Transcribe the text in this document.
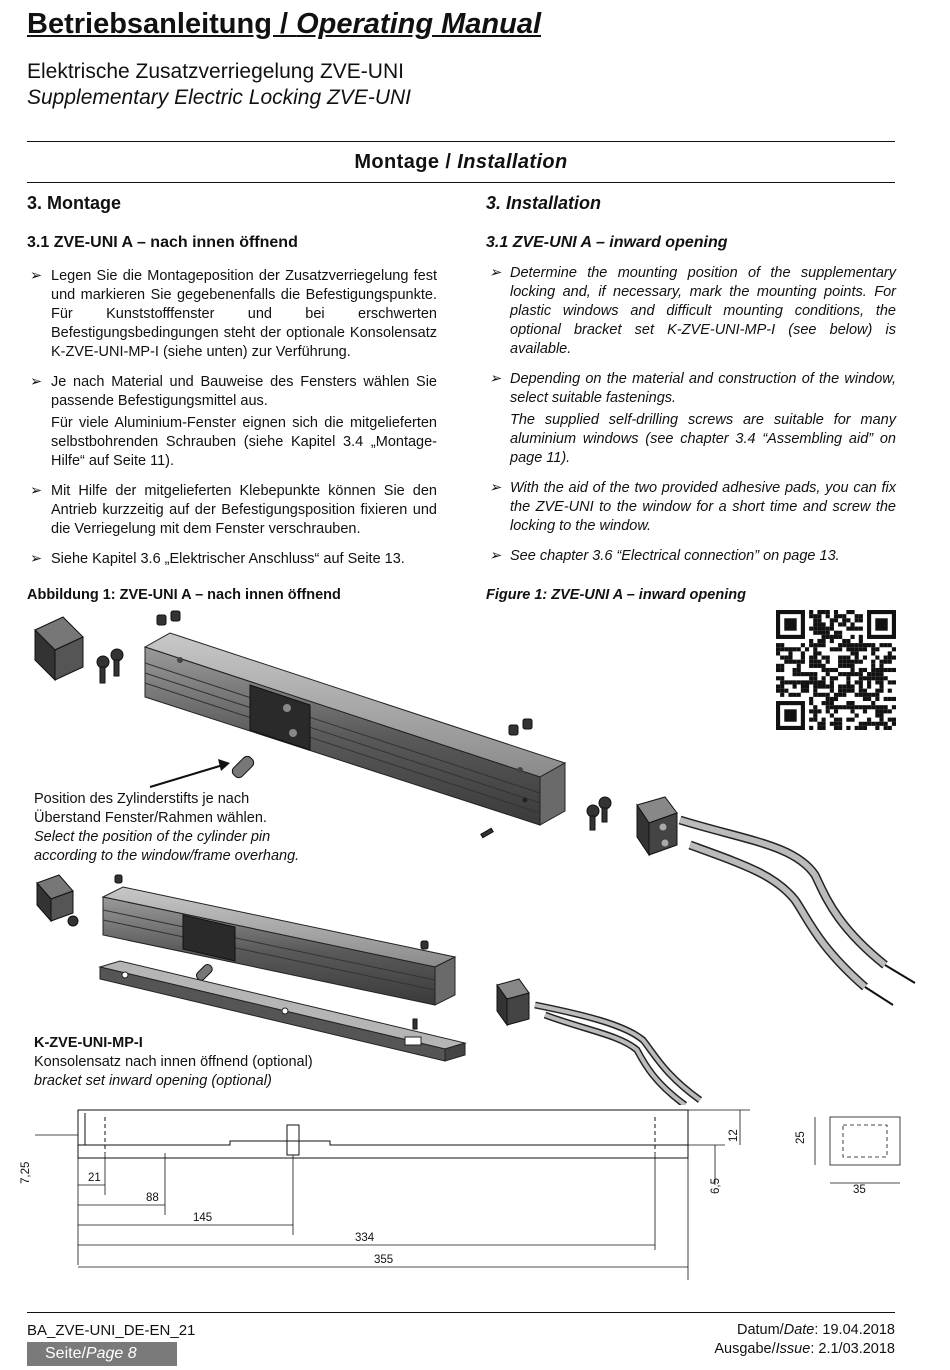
Betriebsanleitung / Operating Manual
Elektrische Zusatzverriegelung ZVE-UNI
Supplementary Electric Locking ZVE-UNI
Montage / Installation
3. Montage
3.1 ZVE-UNI A – nach innen öffnend
➢ Legen Sie die Montageposition der Zusatzverriegelung fest und markieren Sie gegebenenfalls die Befestigungspunkte. Für Kunststofffenster und bei erschwerten Befestigungsbedingungen steht der optionale Konsolensatz K-ZVE-UNI-MP-I (siehe unten) zur Verführung.

➢ Je nach Material und Bauweise des Fensters wählen Sie passende Befestigungsmittel aus.

Für viele Aluminium-Fenster eignen sich die mitgelieferten selbstbohrenden Schrauben (siehe Kapitel 3.4 „Montage-Hilfe“ auf Seite 11).

➢ Mit Hilfe der mitgelieferten Klebepunkte können Sie den Antrieb kurzzeitig auf der Befestigungsposition fixieren und die Verriegelung mit dem Fenster verschrauben.

➢ Siehe Kapitel 3.6 „Elektrischer Anschluss“ auf Seite 13.

Abbildung 1: ZVE-UNI A – nach innen öffnend
3. Installation
3.1 ZVE-UNI A – inward opening
➢ Determine the mounting position of the supplementary locking and, if necessary, mark the mounting points. For plastic windows and difficult mounting conditions, the optional bracket set K-ZVE-UNI-MP-I (see below) is available.

➢ Depending on the material and construction of the window, select suitable fastenings.

The supplied self-drilling screws are suitable for many aluminium windows (see chapter 3.4 “Assembling aid” on page 11).

➢ With the aid of the two provided adhesive pads, you can fix the ZVE-UNI to the window for a short time and screw the locking to the window.

➢ See chapter 3.6 “Electrical connection” on page 13.

Figure 1: ZVE-UNI A – inward opening
Position des Zylinderstifts je nach
Überstand Fenster/Rahmen wählen.
Select the position of the cylinder pin
according to the window/frame overhang.
K-ZVE-UNI-MP-I
Konsolensatz nach innen öffnend (optional)
bracket set inward opening (optional)
21
88
145
334
355
7,25
6,5
12	25
35
BA_ZVE-UNI_DE-EN_21
Seite/Page 8
Datum/Date: 19.04.2018
Ausgabe/Issue: 2.1/03.2018
